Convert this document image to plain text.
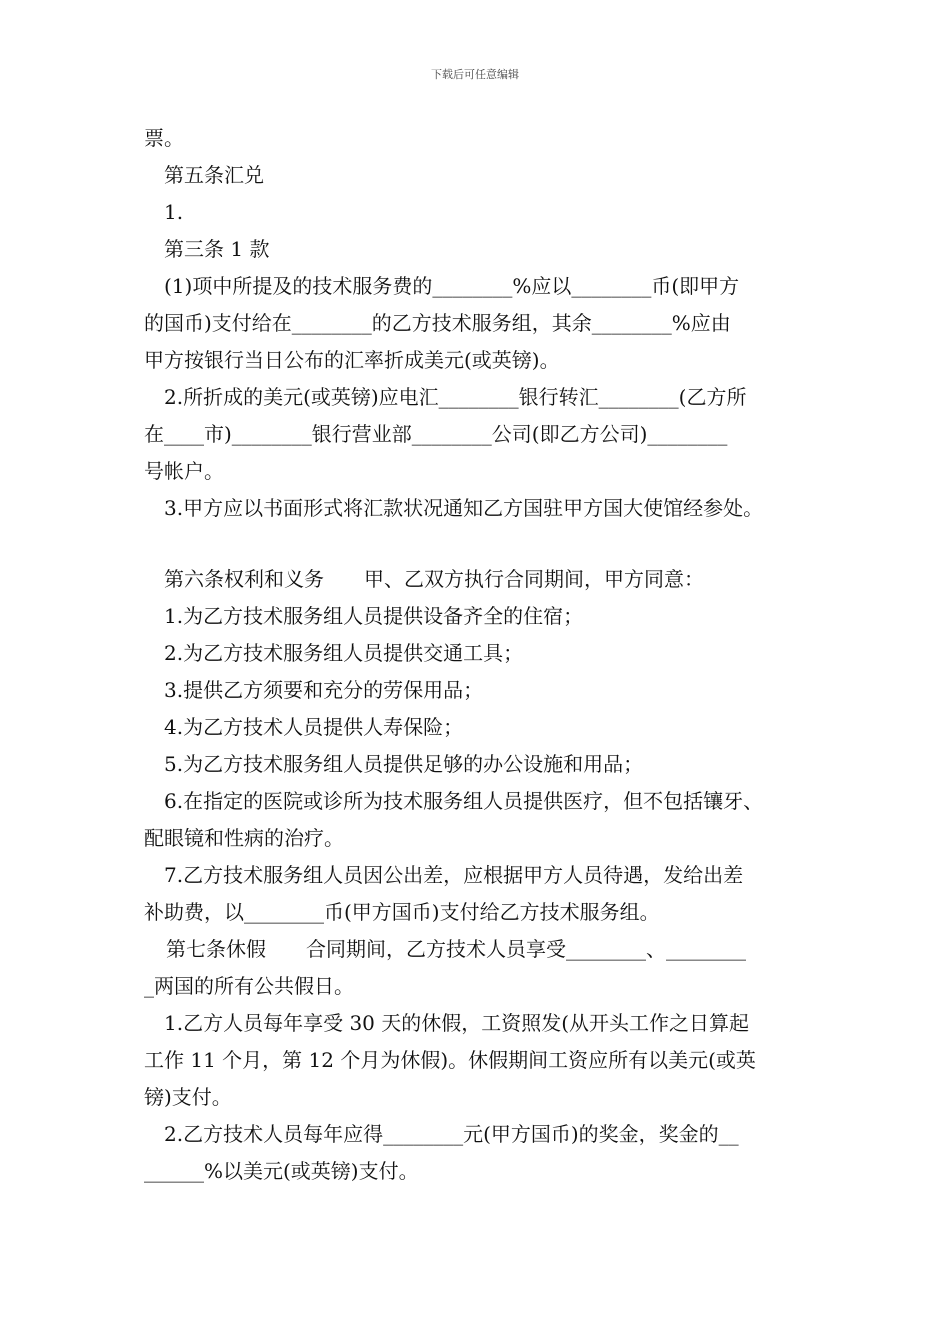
下载后可任意编辑
票。
第五条汇兑
1.
第三条 1 款
(1)项中所提及的技术服务费的________%应以________币(即甲方
的国币)支付给在________的乙方技术服务组，其余________%应由
甲方按银行当日公布的汇率折成美元(或英镑)。
2.所折成的美元(或英镑)应电汇________银行转汇________(乙方所
在____市)________银行营业部________公司(即乙方公司)________
号帐户。
3.甲方应以书面形式将汇款状况通知乙方国驻甲方国大使馆经参处。
第六条权利和义务　　甲、乙双方执行合同期间，甲方同意：
1.为乙方技术服务组人员提供设备齐全的住宿；
2.为乙方技术服务组人员提供交通工具；
3.提供乙方须要和充分的劳保用品；
4.为乙方技术人员提供人寿保险；
5.为乙方技术服务组人员提供足够的办公设施和用品；
6.在指定的医院或诊所为技术服务组人员提供医疗，但不包括镶牙、
配眼镜和性病的治疗。
7.乙方技术服务组人员因公出差，应根据甲方人员待遇，发给出差
补助费，以________币(甲方国币)支付给乙方技术服务组。
第七条休假　　合同期间，乙方技术人员享受________、________
_两国的所有公共假日。
1.乙方人员每年享受 30 天的休假，工资照发(从开头工作之日算起
工作 11 个月，第 12 个月为休假)。休假期间工资应所有以美元(或英
镑)支付。
2.乙方技术人员每年应得________元(甲方国币)的奖金，奖金的__
______%以美元(或英镑)支付。
